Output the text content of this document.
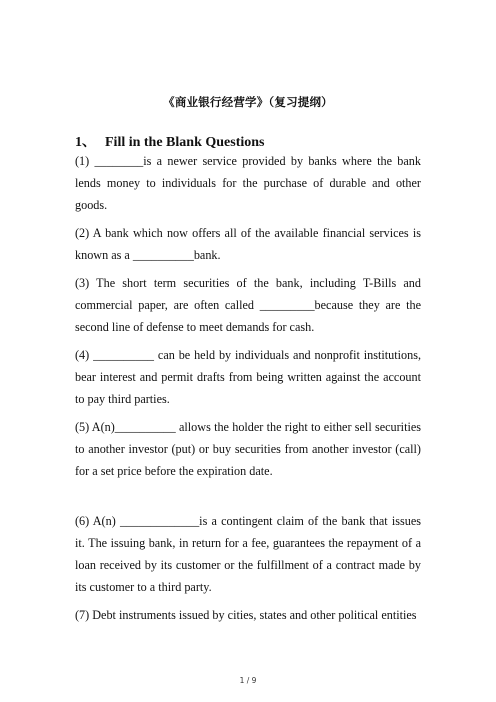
《商业银行经营学》（复习提纲）
1、 Fill in the Blank Questions

(1) ________is a newer service provided by banks where the bank lends money to individuals for the purchase of durable and other goods.

(2) A bank which now offers all of the available financial services is known as a __________bank.

(3) The short term securities of the bank, including T-Bills and commercial paper, are often called _________because they are the second line of defense to meet demands for cash.

(4) __________ can be held by individuals and nonprofit institutions, bear interest and permit drafts from being written against the account to pay third parties.

(5) A(n)__________ allows the holder the right to either sell securities to another investor (put) or buy securities from another investor (call) for a set price before the expiration date.

(6) A(n) _____________is a contingent claim of the bank that issues it. The issuing bank, in return for a fee, guarantees the repayment of a loan received by its customer or the fulfillment of a contract made by its customer to a third party.

(7) Debt instruments issued by cities, states and other political entities

1 / 9
